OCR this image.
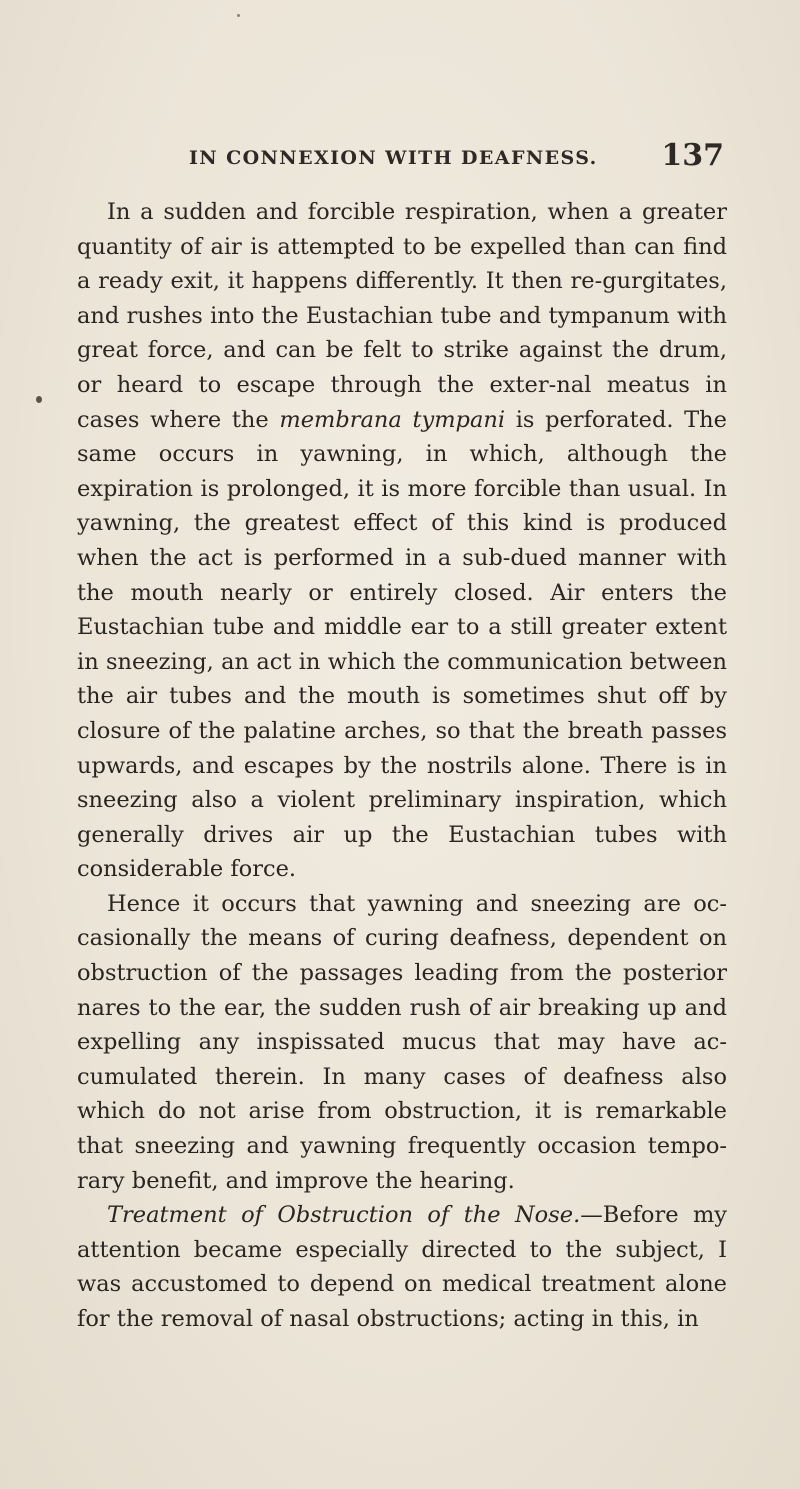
IN CONNEXION WITH DEAFNESS. 137

In a sudden and forcible respiration, when a greater quantity of air is attempted to be expelled than can find a ready exit, it happens differently. It then re-gurgitates, and rushes into the Eustachian tube and tympanum with great force, and can be felt to strike against the drum, or heard to escape through the exter-nal meatus in cases where the membrana tympani is perforated. The same occurs in yawning, in which, although the expiration is prolonged, it is more forcible than usual. In yawning, the greatest effect of this kind is produced when the act is performed in a sub-dued manner with the mouth nearly or entirely closed. Air enters the Eustachian tube and middle ear to a still greater extent in sneezing, an act in which the communication between the air tubes and the mouth is sometimes shut off by closure of the palatine arches, so that the breath passes upwards, and escapes by the nostrils alone. There is in sneezing also a violent preliminary inspiration, which generally drives air up the Eustachian tubes with considerable force.

Hence it occurs that yawning and sneezing are oc-casionally the means of curing deafness, dependent on obstruction of the passages leading from the posterior nares to the ear, the sudden rush of air breaking up and expelling any inspissated mucus that may have ac-cumulated therein. In many cases of deafness also which do not arise from obstruction, it is remarkable that sneezing and yawning frequently occasion tempo-rary benefit, and improve the hearing.

Treatment of Obstruction of the Nose.—Before my attention became especially directed to the subject, I was accustomed to depend on medical treatment alone for the removal of nasal obstructions; acting in this, in
